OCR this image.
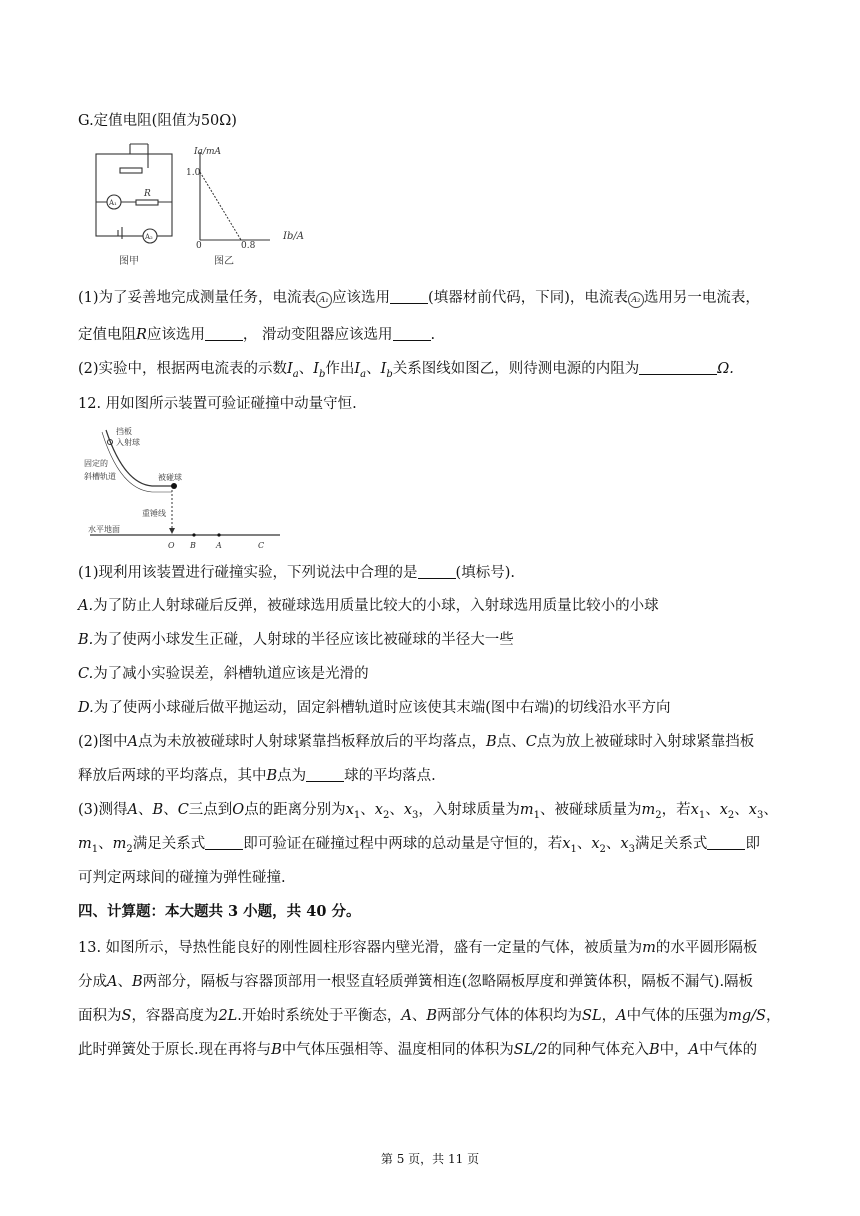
G.定值电阻(阻值为50Ω)
R
A₁
A₂
图甲
Ia/mA
1.0
0	0.8
图乙
Ib/A
(1)为了妥善地完成测量任务，电流表 A₁ 应该选用	(填器材前代码，下同)，电流表 A₂ 选用另一电流表，
定值电阻R应该选用	， 滑动变阻器应该选用	.
(2)实验中，根据两电流表的示数$I_a$、$I_b$作出$I_a$、$I_b$关系图线如图乙，则待测电源的内阻为	Ω.
12. 用如图所示装置可验证碰撞中动量守恒.
挡板
入射球
固定的
斜槽轨道	被碰球
重锤线
水平地面
O B	A	C
(1)现利用该装置进行碰撞实验，下列说法中合理的是	(填标号).
A.为了防止人射球碰后反弹，被碰球选用质量比较大的小球，入射球选用质量比较小的小球
B.为了使两小球发生正碰，人射球的半径应该比被碰球的半径大一些
C.为了减小实验误差，斜槽轨道应该是光滑的
D.为了使两小球碰后做平抛运动，固定斜槽轨道时应该使其末端(图中右端)的切线沿水平方向
(2)图中A点为未放被碰球时人射球紧靠挡板释放后的平均落点，B点、C点为放上被碰球时入射球紧靠挡板
释放后两球的平均落点，其中B点为	球的平均落点.
(3)测得A、B、C三点到O点的距离分别为$x_1$、$x_2$、$x_3$，入射球质量为$m_1$、被碰球质量为$m_2$，若$x_1$、$x_2$、$x_3$、
$m_1$、$m_2$满足关系式	即可验证在碰撞过程中两球的总动量是守恒的，若$x_1$、$x_2$、$x_3$满足关系式	即
可判定两球间的碰撞为弹性碰撞.
四、计算题：本大题共 3 小题，共 40 分。
13. 如图所示，导热性能良好的刚性圆柱形容器内壁光滑，盛有一定量的气体，被质量为m的水平圆形隔板
分成A、B两部分，隔板与容器顶部用一根竖直轻质弹簧相连(忽略隔板厚度和弹簧体积，隔板不漏气).隔板
面积为S，容器高度为2L.开始时系统处于平衡态，A、B两部分气体的体积均为SL，A中气体的压强为mg/S，
此时弹簧处于原长.现在再将与B中气体压强相等、温度相同的体积为SL/2的同种气体充入B中，A中气体的
第 5 页，共 11 页
